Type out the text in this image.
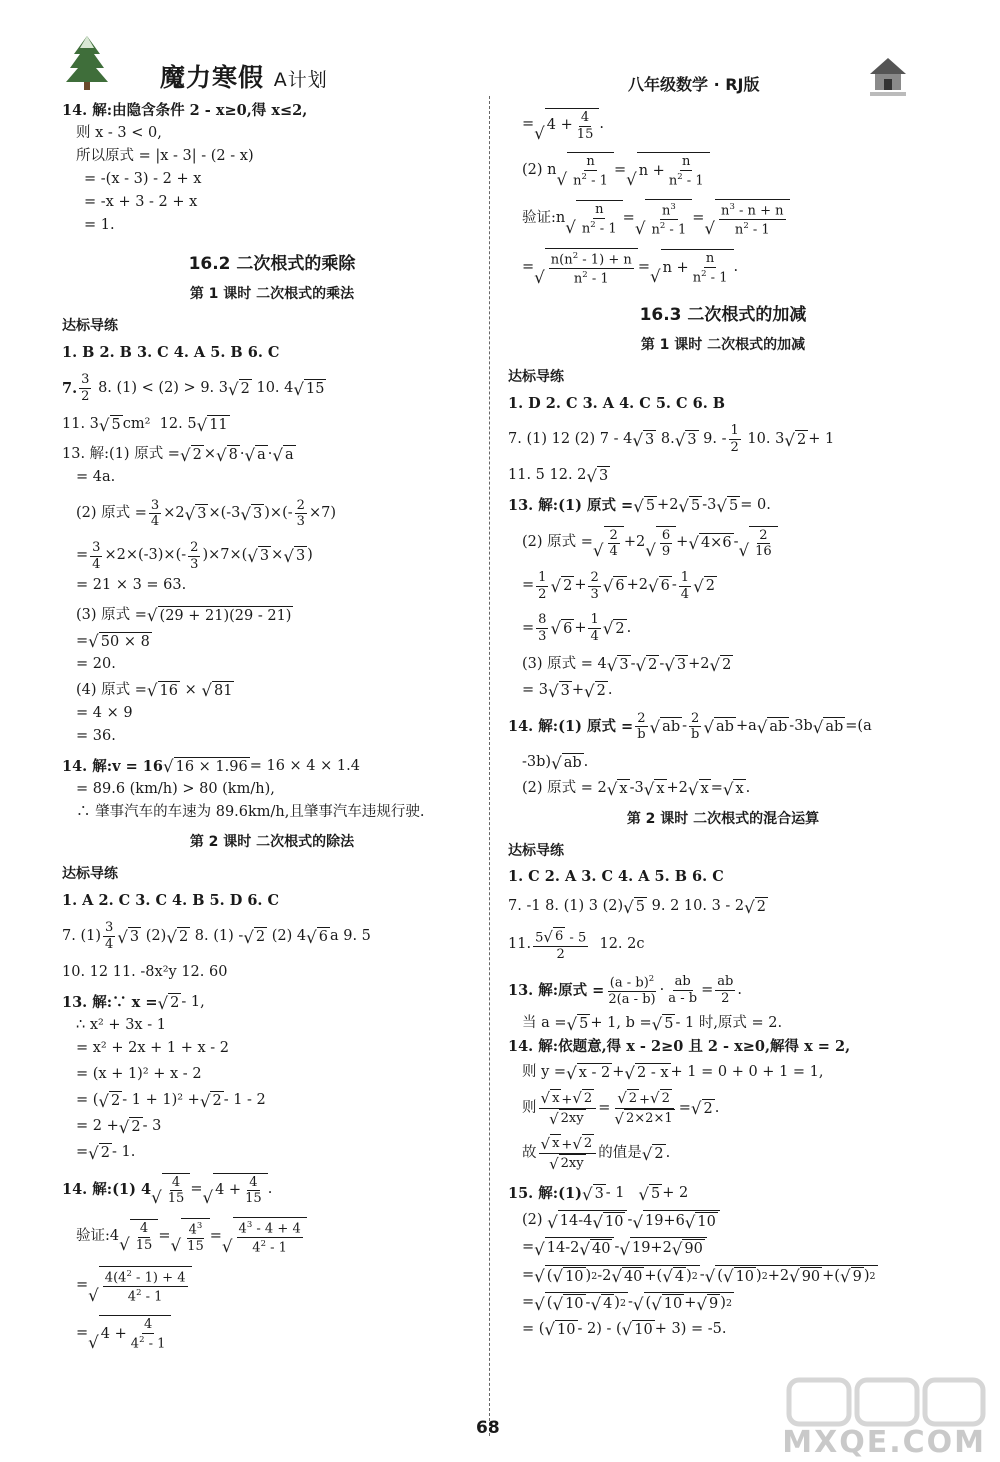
魔力寒假 A计划	八年级数学 · RJ版
14. 解:由隐含条件 2 - x≥0,得 x≤2,
则 x - 3 < 0,
所以原式 = |x - 3| - (2 - x)
= -(x - 3) - 2 + x
= -x + 3 - 2 + x
= 1.
16.2 二次根式的乘除
第 1 课时 二次根式的乘法
达标导练
1. B 2. B 3. C 4. A 5. B 6. C
7. $\frac{3}{2}$
8. (1) < (2) > 9. 3 √ 2
10. 4 √ 15
11. 3 √ 5 cm²
12. 5 √ 11
13. 解:(1) 原式 = √ 2 × √ 8 · √ a · √ a
= 4a.
(2) 原式 = $\frac{3}{4} \times 2$ √ 3 ×(-3 √ 3 )×(- $\frac{2}{3} \times 7$)
= $\frac{3}{4} \times 2\times(-3)\times(- \frac{2}{3} )\times 7\times$( √ 3 × √ 3 )
= 21 × 3 = 63.
(3) 原式 = √ (29 + 21)(29 - 21)
= √ 50 × 8
= 20.
(4) 原式 = √ 16 × √ 81
= 4 × 9
= 36.
14. 解:v = 16 √ 16 × 1.96 = 16 × 4 × 1.4
= 89.6 (km/h) > 80 (km/h),
∴ 肇事汽车的车速为 89.6km/h,且肇事汽车违规行驶.
第 2 课时 二次根式的除法
达标导练
1. A 2. C 3. C 4. B 5. D 6. C
7. $(1) \frac{3}{4}$ √ 3
(2) √ 2
8. (1) - √ 2
(2) 4 √ 6 a 9. 5
10. 12 11. -8x²y 12. 60
13. 解:∵ x = √ 2 - 1,
∴ x² + 3x - 1
= x² + 2x + 1 + x - 2
= (x + 1)² + x - 2
= ( √ 2 - 1 + 1)² + √ 2 - 1 - 2
= 2 + √ 2 - 3
= √ 2 - 1.
14. 解:(1) 4 √ $\frac{4}{15}$ = √ $4 + \frac{4}{15}$ .
验证:4 √ $\frac{4}{15}$ =
√ $\frac{4^3}{15}$ =
√ $\frac{4^3 - 4 + 4}{4^2 - 1}$
=
√ $\frac{4(4^2 - 1) + 4}{4^2 - 1}$
=
√ $4 + \frac{4}{4^2 - 1}$
= √ $4 + \frac{4}{15}$ .
(2) n
√ $\frac{n}{n^2 - 1}$ =
√ $n + \frac{n}{n^2 - 1}$
验证:n
√ $\frac{n}{n^2 - 1}$ =
√ $\frac{n^3}{n^2 - 1}$ =
√ $\frac{n^3 - n + n}{n^2 - 1}$
=
√ $\frac{n(n^2 - 1) + n}{n^2 - 1}$ =
√ $n + \frac{n}{n^2 - 1}$ .
16.3 二次根式的加减
第 1 课时 二次根式的加减
达标导练
1. D 2. C 3. A 4. C 5. C 6. B
7. (1) 12 (2) 7 - 4 √ 3
8. √ 3
9. - $\frac{1}{2}$
10. 3 √ 2 + 1
11. 5 12. 2 √ 3
13. 解:(1) 原式 = √ 5 +2 √ 5 -3 √ 5 = 0.
(2) 原式 = √ $\frac{2}{4} +2$ √ $\frac{6}{9}$ + √ 4×6 - √ $\frac{2}{16}$
= $\frac{1}{2}$ √ $2 + \frac{2}{3}$ √ 6 +2 √ $6 - \frac{1}{4}$ √ 2
= $\frac{8}{3}$ √ $6 + \frac{1}{4}$ √ 2 .
(3) 原式 = 4 √ 3 - √ 2 - √ 3 +2 √ 2
= 3 √ 3 + √ 2 .
14. 解:(1) 原式 = $\frac{2}{b}$ √ ab - $\frac{2}{b}$ √ ab +a √ ab -3b √ ab =(a
-3b) √ ab .
(2) 原式 = 2 √ x -3 √ x +2 √ x = √ x .
第 2 课时 二次根式的混合运算
达标导练
1. C 2. A 3. C 4. A 5. B 6. C
7. -1 8. (1) 3 (2) √ 5
9. 2 10. 3 - 2 √ 2
11. $\frac{5 √ 6 - 5}{2}$
12. 2c
13. 解:原式 = $\frac{(a - b)^2}{2(a - b)} \cdot \frac{ab}{a - b} = \frac{ab}{2}$ .
当 a = √ 5 + 1, b = √ 5 - 1 时,原式 = 2.
14. 解:依题意,得 x - 2≥0 且 2 - x≥0,解得 x = 2,
则 y = √ x - 2 + √ 2 - x + 1 = 0 + 0 + 1 = 1,
则 $\frac{√ x + √ 2}{√ 2xy} = \frac{√ 2 + √ 2}{√ 2\times 2\times 1}$ = √ 2 .
故 $\frac{√ x + √ 2}{√ 2xy}$ 的值是 √ 2 .
15. 解:(1) √ 3 - 1
√ 5 + 2
(2)
√ 14-4 √ 10 - √ 19+6 √ 10
= √ 14-2 √ 40 - √ 19+2 √ 90
= √ ( √ 10 ) 2 -2 √ 40 +( √ 4 ) 2 - √ ( √ 10 ) 2 +2 √ 90 +( √ 9 ) 2
= √ ( √ 10 - √ 4 ) 2 - √ ( √ 10 + √ 9 ) 2
= ( √ 10 - 2) - ( √ 10 + 3) = -5.
68	MXQE.COM
